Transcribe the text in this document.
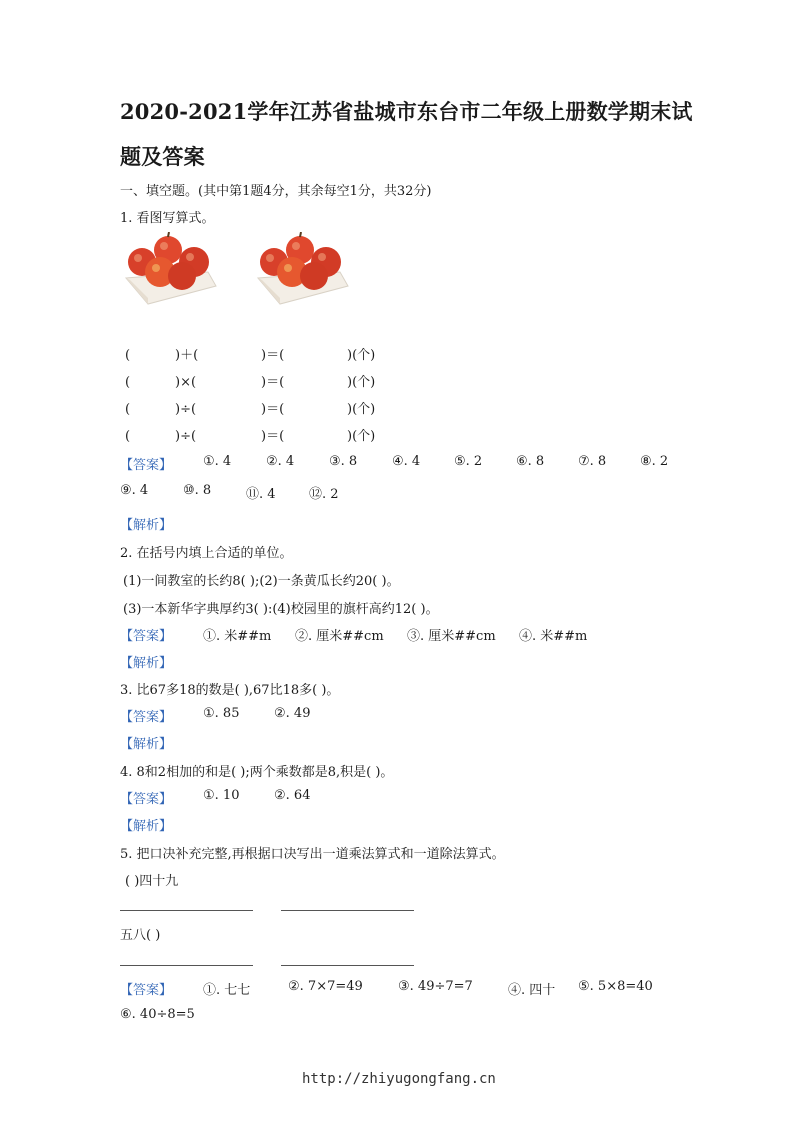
2020-2021学年江苏省盐城市东台市二年级上册数学期末试
题及答案
一、填空题。(其中第1题4分，其余每空1分，共32分)
1. 看图写算式。
(	)＋(	)＝(	)(个)
(	)×(	)＝(	)(个)
(	)÷(	)＝(	)(个)
(	)÷(	)＝(	)(个)
【答案】 ①. 4	②. 4	③. 8	④. 4	⑤. 2	⑥. 8	⑦. 8	⑧. 2
⑨. 4	⑩. 8	⑪. 4	⑫. 2
【解析】
2. 在括号内填上合适的单位。
(1)一间教室的长约8( );(2)一条黄瓜长约20( )。
(3)一本新华字典厚约3( ):(4)校园里的旗杆高约12( )。
【答案】 ①. 米##m ②. 厘米##cm ③. 厘米##cm ④. 米##m
【解析】
3. 比67多18的数是( ),67比18多( )。
【答案】 ①. 85	②. 49
【解析】
4. 8和2相加的和是( );两个乘数都是8,积是( )。
【答案】 ①. 10	②. 64
【解析】
5. 把口决补充完整,再根据口决写出一道乘法算式和一道除法算式。
( )四十九
五八( )
【答案】 ①. 七七	②. 7×7=49	③. 49÷7=7	④. 四十 ⑤. 5×8=40
⑥. 40÷8=5
http://zhiyugongfang.cn
